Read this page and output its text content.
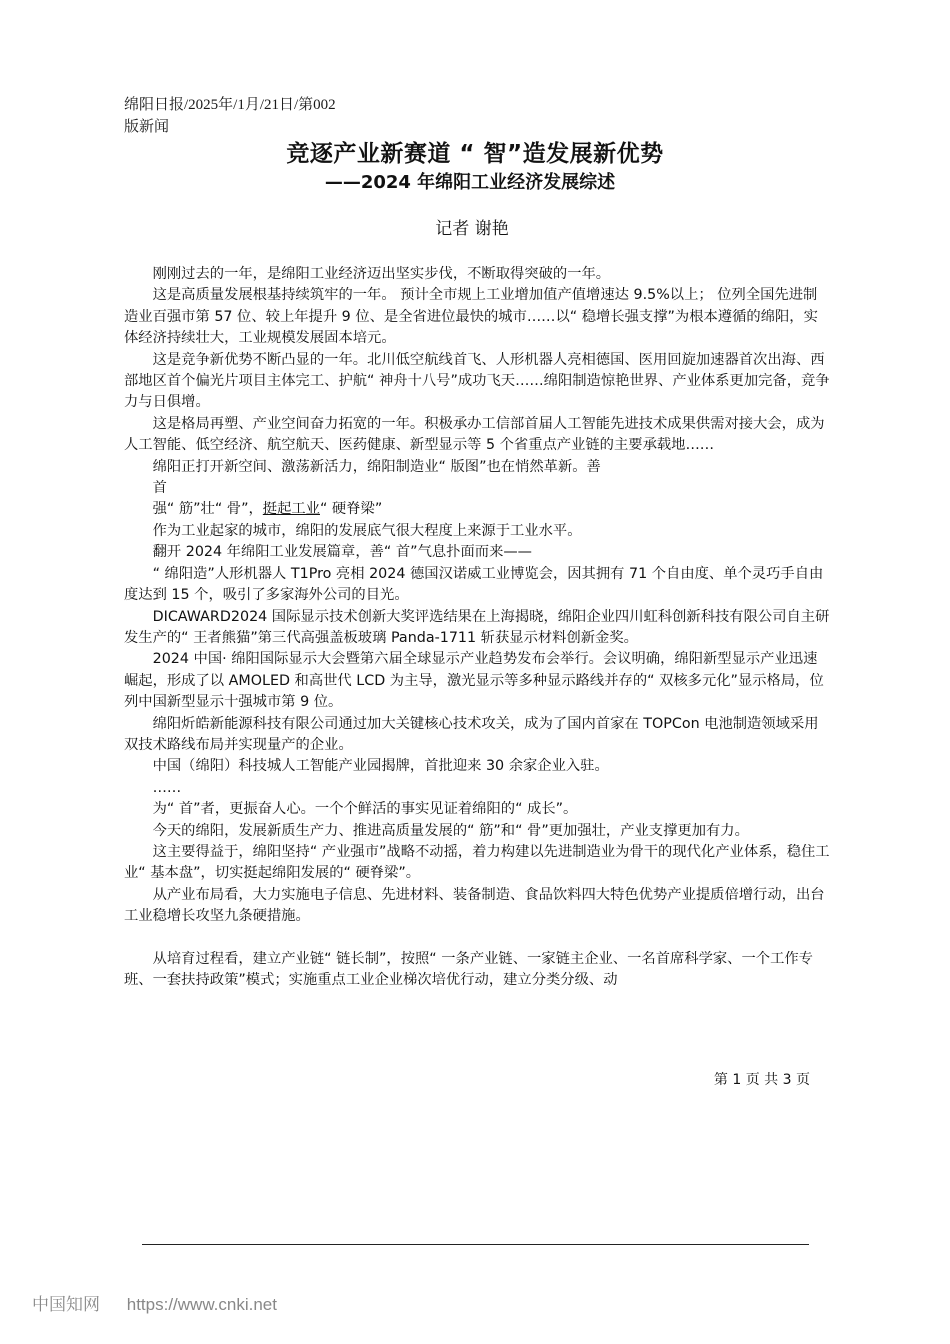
绵阳日报/2025年/1月/21日/第002
版新闻
竞逐产业新赛道 “ 智”造发展新优势
——2024 年绵阳工业经济发展综述
记者 谢艳

刚刚过去的一年，是绵阳工业经济迈出坚实步伐，不断取得突破的一年。

这是高质量发展根基持续筑牢的一年。 预计全市规上工业增加值产值增速达 9.5%以上； 位列全国先进制造业百强市第 57 位、较上年提升 9 位、是全省进位最快的城市……以“ 稳增长强支撑”为根本遵循的绵阳，实体经济持续壮大，工业规模发展固本培元。

这是竞争新优势不断凸显的一年。北川低空航线首飞、人形机器人亮相德国、医用回旋加速器首次出海、西部地区首个偏光片项目主体完工、护航“ 神舟十八号”成功飞天……绵阳制造惊艳世界、产业体系更加完备，竞争力与日俱增。

这是格局再塑、产业空间奋力拓宽的一年。积极承办工信部首届人工智能先进技术成果供需对接大会，成为人工智能、低空经济、航空航天、医药健康、新型显示等 5 个省重点产业链的主要承载地……

绵阳正打开新空间、激荡新活力，绵阳制造业“ 版图”也在悄然革新。善

首

强“ 筋”壮“ 骨”，挺起工业“ 硬脊梁”

作为工业起家的城市，绵阳的发展底气很大程度上来源于工业水平。

翻开 2024 年绵阳工业发展篇章，善“ 首”气息扑面而来——

“ 绵阳造”人形机器人 T1Pro 亮相 2024 德国汉诺威工业博览会，因其拥有 71 个自由度、单个灵巧手自由度达到 15 个，吸引了多家海外公司的目光。

DICAWARD2024 国际显示技术创新大奖评选结果在上海揭晓，绵阳企业四川虹科创新科技有限公司自主研发生产的“ 王者熊猫”第三代高强盖板玻璃 Panda-1711 斩获显示材料创新金奖。

2024 中国· 绵阳国际显示大会暨第六届全球显示产业趋势发布会举行。会议明确，绵阳新型显示产业迅速崛起，形成了以 AMOLED 和高世代 LCD 为主导，激光显示等多种显示路线并存的“ 双核多元化”显示格局，位列中国新型显示十强城市第 9 位。

绵阳炘皓新能源科技有限公司通过加大关键核心技术攻关，成为了国内首家在 TOPCon 电池制造领域采用双技术路线布局并实现量产的企业。

中国（绵阳）科技城人工智能产业园揭牌，首批迎来 30 余家企业入驻。

……

为“ 首”者，更振奋人心。一个个鲜活的事实见证着绵阳的“ 成长”。

今天的绵阳，发展新质生产力、推进高质量发展的“ 筋”和“ 骨”更加强壮，产业支撑更加有力。

这主要得益于，绵阳坚持“ 产业强市”战略不动摇，着力构建以先进制造业为骨干的现代化产业体系，稳住工业“ 基本盘”，切实挺起绵阳发展的“ 硬脊梁”。

从产业布局看，大力实施电子信息、先进材料、装备制造、食品饮料四大特色优势产业提质倍增行动，出台工业稳增长攻坚九条硬措施。

从培育过程看，建立产业链“ 链长制”，按照“ 一条产业链、一家链主企业、一名首席科学家、一个工作专班、一套扶持政策”模式；实施重点工业企业梯次培优行动，建立分类分级、动

第 1 页 共 3 页
中国知网 https://www.cnki.net
